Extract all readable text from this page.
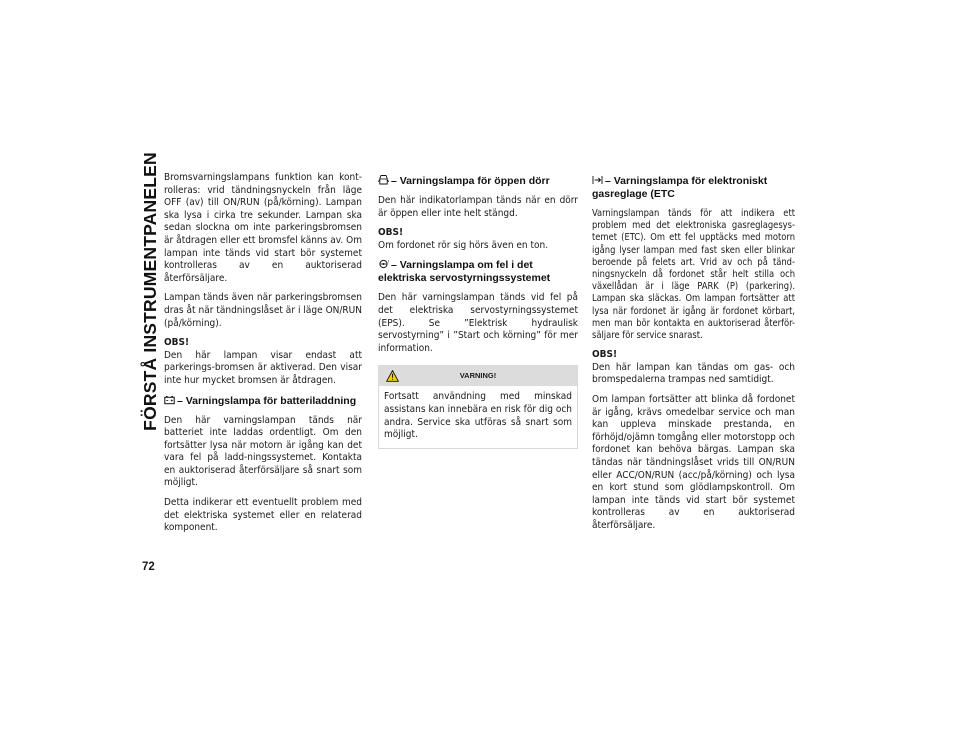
FÖRSTÅ INSTRUMENTPANELEN
72

Bromsvarningslampans funktion kan kont-rolleras: vrid tändningsnyckeln från läge OFF (av) till ON/RUN (på/körning). Lampan ska lysa i cirka tre sekunder. Lampan ska sedan slockna om inte parkeringsbromsen är åtdragen eller ett bromsfel känns av. Om lampan inte tänds vid start bör systemet kontrolleras av en auktoriserad återförsäljare.

Lampan tänds även när parkeringsbromsen dras åt när tändningslåset är i läge ON/RUN (på/körning).

OBS!
Den här lampan visar endast att parkerings-bromsen är aktiverad. Den visar inte hur mycket bromsen är åtdragen.

– Varningslampa för batteriladdning

Den här varningslampan tänds när batteriet inte laddas ordentligt. Om den fortsätter lysa när motorn är igång kan det vara fel på ladd-ningssystemet. Kontakta en auktoriserad återförsäljare så snart som möjligt.

Detta indikerar ett eventuellt problem med det elektriska systemet eller en relaterad komponent.

– Varningslampa för öppen dörr

Den här indikatorlampan tänds när en dörr är öppen eller inte helt stängd.

OBS!
Om fordonet rör sig hörs även en ton.

! – Varningslampa om fel i det elektriska servostyrningssystemet

Den här varningslampan tänds vid fel på det elektriska servostyrningssystemet (EPS). Se ”Elektrisk hydraulisk servostyrning” i ”Start och körning” för mer information.

VARNING!
Fortsatt användning med minskad assistans kan innebära en risk för dig och andra. Service ska utföras så snart som möjligt.
– Varningslampa för elektroniskt gasreglage (ETC

Varningslampan tänds för att indikera ett problem med det elektroniska gasreglagesys-temet (ETC). Om ett fel upptäcks med motorn igång lyser lampan med fast sken eller blinkar beroende på felets art. Vrid av och på tänd-ningsnyckeln då fordonet står helt stilla och växellådan är i läge PARK (P) (parkering). Lampan ska släckas. Om lampan fortsätter att lysa när fordonet är igång är fordonet körbart, men man bör kontakta en auktoriserad återför-säljare för service snarast.

OBS!
Den här lampan kan tändas om gas- och bromspedalerna trampas ned samtidigt.

Om lampan fortsätter att blinka då fordonet är igång, krävs omedelbar service och man kan uppleva minskade prestanda, en förhöjd/ojämn tomgång eller motorstopp och fordonet kan behöva bärgas. Lampan ska tändas när tändningslåset vrids till ON/RUN eller ACC/ON/RUN (acc/på/körning) och lysa en kort stund som glödlampskontroll. Om lampan inte tänds vid start bör systemet kontrolleras av en auktoriserad återförsäljare.
